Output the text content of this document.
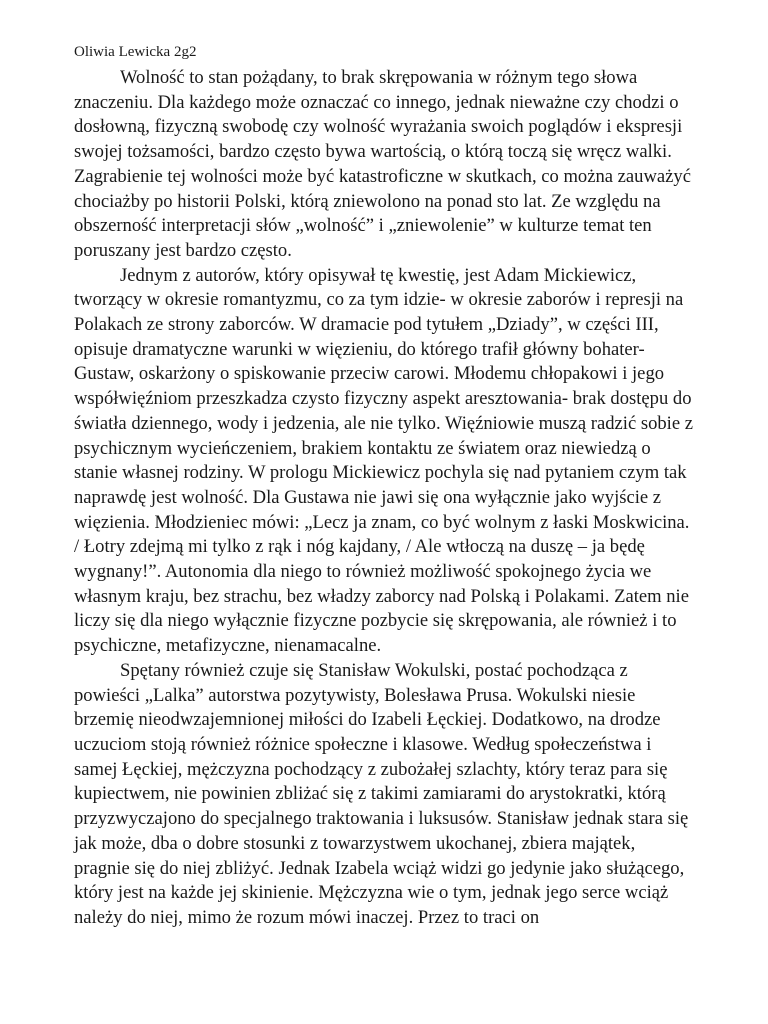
Oliwia Lewicka 2g2

Wolność to stan pożądany, to brak skrępowania w różnym tego słowa znaczeniu. Dla każdego może oznaczać co innego, jednak nieważne czy chodzi o dosłowną, fizyczną swobodę czy wolność wyrażania swoich poglądów i ekspresji swojej tożsamości, bardzo często bywa wartością, o którą toczą się wręcz walki. Zagrabienie tej wolności może być katastroficzne w skutkach, co można zauważyć chociażby po historii Polski, którą zniewolono na ponad sto lat. Ze względu na obszerność interpretacji słów „wolność” i „zniewolenie” w kulturze temat ten poruszany jest bardzo często.

Jednym z autorów, który opisywał tę kwestię, jest Adam Mickiewicz, tworzący w okresie romantyzmu, co za tym idzie- w okresie zaborów i represji na Polakach ze strony zaborców. W dramacie pod tytułem „Dziady”, w części III, opisuje dramatyczne warunki w więzieniu, do którego trafił główny bohater- Gustaw, oskarżony o spiskowanie przeciw carowi. Młodemu chłopakowi i jego współwięźniom przeszkadza czysto fizyczny aspekt aresztowania- brak dostępu do światła dziennego, wody i jedzenia, ale nie tylko. Więźniowie muszą radzić sobie z psychicznym wycieńczeniem, brakiem kontaktu ze światem oraz niewiedzą o stanie własnej rodziny. W prologu Mickiewicz pochyla się nad pytaniem czym tak naprawdę jest wolność. Dla Gustawa nie jawi się ona wyłącznie jako wyjście z więzienia. Młodzieniec mówi: „Lecz ja znam, co być wolnym z łaski Moskwicina. / Łotry zdejmą mi tylko z rąk i nóg kajdany, / Ale wtłoczą na duszę – ja będę wygnany!”. Autonomia dla niego to również możliwość spokojnego życia we własnym kraju, bez strachu, bez władzy zaborcy nad Polską i Polakami. Zatem nie liczy się dla niego wyłącznie fizyczne pozbycie się skrępowania, ale również i to psychiczne, metafizyczne, nienamacalne.

Spętany również czuje się Stanisław Wokulski, postać pochodząca z powieści „Lalka” autorstwa pozytywisty, Bolesława Prusa. Wokulski niesie brzemię nieodwzajemnionej miłości do Izabeli Łęckiej. Dodatkowo, na drodze uczuciom stoją również różnice społeczne i klasowe. Według społeczeństwa i samej Łęckiej, mężczyzna pochodzący z zubożałej szlachty, który teraz para się kupiectwem, nie powinien zbliżać się z takimi zamiarami do arystokratki, którą przyzwyczajono do specjalnego traktowania i luksusów. Stanisław jednak stara się jak może, dba o dobre stosunki z towarzystwem ukochanej, zbiera majątek, pragnie się do niej zbliżyć. Jednak Izabela wciąż widzi go jedynie jako służącego, który jest na każde jej skinienie. Mężczyzna wie o tym, jednak jego serce wciąż należy do niej, mimo że rozum mówi inaczej. Przez to traci on
